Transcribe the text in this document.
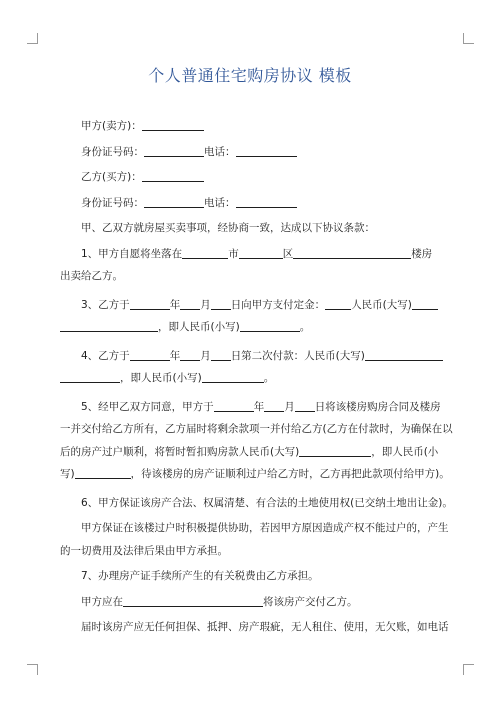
个人普通住宅购房协议 模板

甲方(卖方)：

身份证号码：	电话：

乙方(买方)：

身份证号码：	电话：

甲、乙双方就房屋买卖事项，经协商一致，达成以下协议条款：

1、甲方自愿将坐落在	市	区	楼房

出卖给乙方。

3、乙方于	年 月 日向甲方支付定金： 人民币(大写)

，即人民币(小写)	。

4、乙方于	年 月 日第二次付款：人民币(大写)

，即人民币(小写)	。

5、经甲乙双方同意，甲方于	年 月 日将该楼房购房合同及楼房

一并交付给乙方所有，乙方届时将剩余款项一并付给乙方(乙方在付款时，为确保在以

后的房产过户顺利，将暂时暂扣购房款人民币(大写)	，即人民币(小

写)	，待该楼房的房产证顺利过户给乙方时，乙方再把此款项付给甲方)。

6、甲方保证该房产合法、权属清楚、有合法的土地使用权(已交纳土地出让金)。

甲方保证在该楼过户时积极提供协助，若因甲方原因造成产权不能过户的，产生

的一切费用及法律后果由甲方承担。

7、办理房产证手续所产生的有关税费由乙方承担。

甲方应在	将该房产交付乙方。

届时该房产应无任何担保、抵押、房产瑕疵，无人租住、使用，无欠账，如电话
